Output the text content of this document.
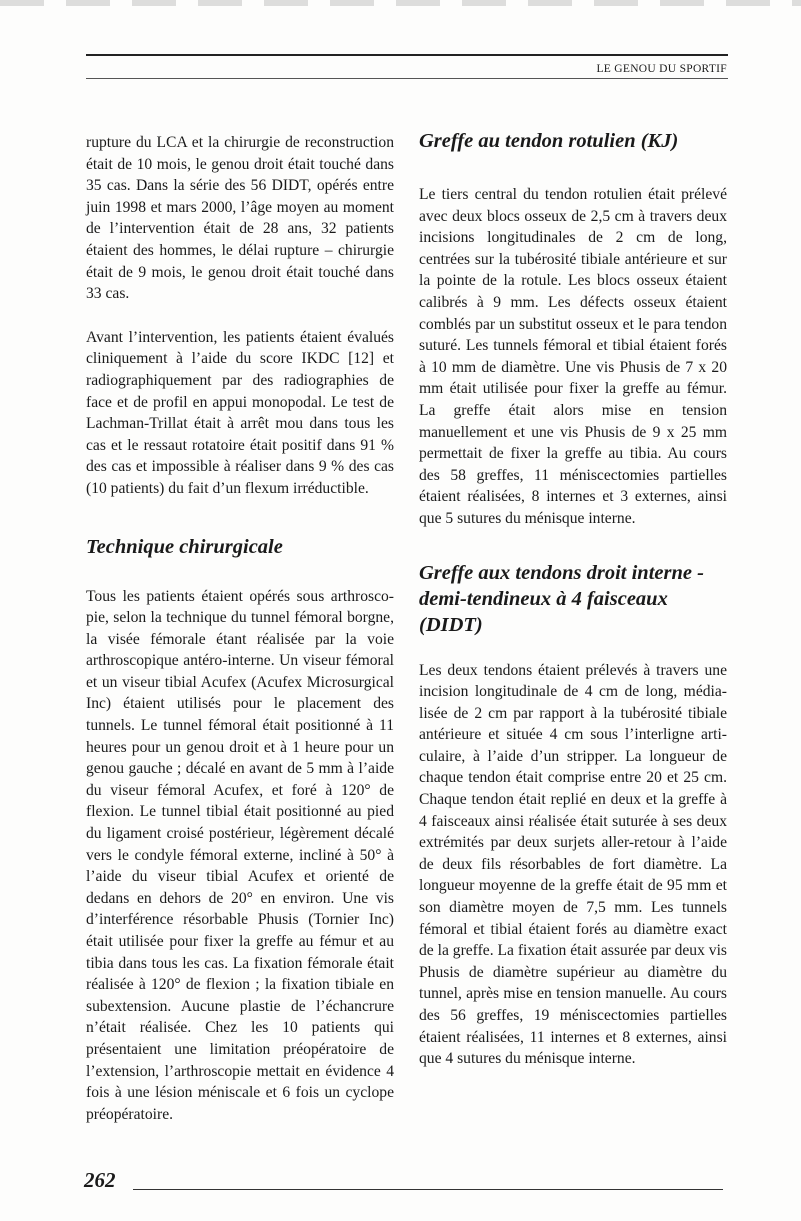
LE GENOU DU SPORTIF

rupture du LCA et la chirurgie de reconstruction était de 10 mois, le genou droit était touché dans 35 cas. Dans la série des 56 DIDT, opérés entre juin 1998 et mars 2000, l’âge moyen au moment de l’intervention était de 28 ans, 32 patients étaient des hommes, le délai rupture – chirurgie était de 9 mois, le genou droit était touché dans 33 cas.

Avant l’intervention, les patients étaient évalués cliniquement à l’aide du score IKDC [12] et radiographiquement par des radiographies de face et de profil en appui monopodal. Le test de Lachman-Trillat était à arrêt mou dans tous les cas et le ressaut rotatoire était positif dans 91 % des cas et impossible à réaliser dans 9 % des cas (10 patients) du fait d’un flexum irréductible.

Technique chirurgicale

Tous les patients étaient opérés sous arthroscopie, selon la technique du tunnel fémoral borgne, la visée fémorale étant réalisée par la voie arthroscopique antéro-interne. Un viseur fémoral et un viseur tibial Acufex (Acufex Microsurgical Inc) étaient utilisés pour le placement des tunnels. Le tunnel fémoral était positionné à 11 heures pour un genou droit et à 1 heure pour un genou gauche ; décalé en avant de 5 mm à l’aide du viseur fémoral Acufex, et foré à 120° de flexion. Le tunnel tibial était positionné au pied du ligament croisé postérieur, légèrement décalé vers le condyle fémoral externe, incliné à 50° à l’aide du viseur tibial Acufex et orienté de dedans en dehors de 20° en environ. Une vis d’interférence résorbable Phusis (Tornier Inc) était utilisée pour fixer la greffe au fémur et au tibia dans tous les cas. La fixation fémorale était réalisée à 120° de flexion ; la fixation tibiale en subextension. Aucune plastie de l’échancrure n’était réalisée. Chez les 10 patients qui présentaient une limitation préopératoire de l’extension, l’arthroscopie mettait en évidence 4 fois à une lésion méniscale et 6 fois un cyclope préopératoire.

Greffe au tendon rotulien (KJ)

Le tiers central du tendon rotulien était prélevé avec deux blocs osseux de 2,5 cm à travers deux incisions longitudinales de 2 cm de long, centrées sur la tubérosité tibiale antérieure et sur la pointe de la rotule. Les blocs osseux étaient calibrés à 9 mm. Les défects osseux étaient comblés par un substitut osseux et le para tendon suturé. Les tunnels fémoral et tibial étaient forés à 10 mm de diamètre. Une vis Phusis de 7 x 20 mm était utilisée pour fixer la greffe au fémur. La greffe était alors mise en tension manuellement et une vis Phusis de 9 x 25 mm permettait de fixer la greffe au tibia. Au cours des 58 greffes, 11 méniscectomies partielles étaient réalisées, 8 internes et 3 externes, ainsi que 5 sutures du ménisque interne.

Greffe aux tendons droit interne - demi-tendineux à 4 faisceaux (DIDT)

Les deux tendons étaient prélevés à travers une incision longitudinale de 4 cm de long, médialisée de 2 cm par rapport à la tubérosité tibiale antérieure et située 4 cm sous l’interligne articulaire, à l’aide d’un stripper. La longueur de chaque tendon était comprise entre 20 et 25 cm. Chaque tendon était replié en deux et la greffe à 4 faisceaux ainsi réalisée était suturée à ses deux extrémités par deux surjets aller-retour à l’aide de deux fils résorbables de fort diamètre. La longueur moyenne de la greffe était de 95 mm et son diamètre moyen de 7,5 mm. Les tunnels fémoral et tibial étaient forés au diamètre exact de la greffe. La fixation était assurée par deux vis Phusis de diamètre supérieur au diamètre du tunnel, après mise en tension manuelle. Au cours des 56 greffes, 19 méniscectomies partielles étaient réalisées, 11 internes et 8 externes, ainsi que 4 sutures du ménisque interne.

262
